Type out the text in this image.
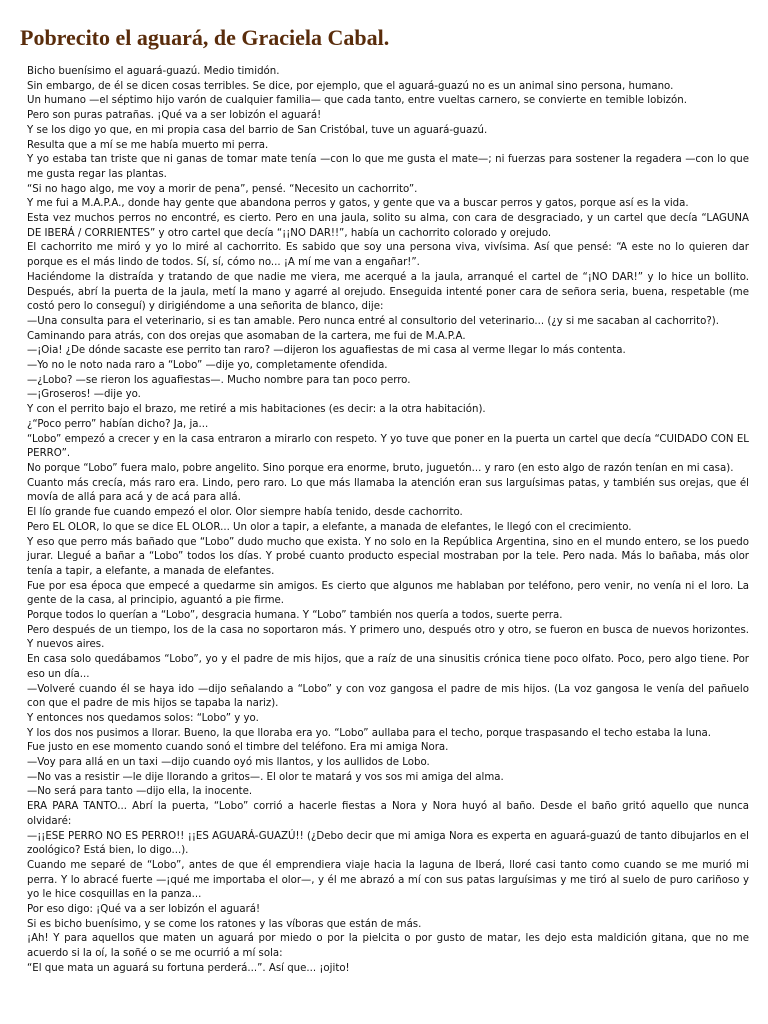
Pobrecito el aguará, de Graciela Cabal.

Bicho buenísimo el aguará-guazú. Medio timidón.

Sin embargo, de él se dicen cosas terribles. Se dice, por ejemplo, que el aguará-guazú no es un animal sino persona, humano.

Un humano —el séptimo hijo varón de cualquier familia— que cada tanto, entre vueltas carnero, se convierte en temible lobizón.

Pero son puras patrañas. ¡Qué va a ser lobizón el aguará!

Y se los digo yo que, en mi propia casa del barrio de San Cristóbal, tuve un aguará-guazú.

Resulta que a mí se me había muerto mi perra.

Y yo estaba tan triste que ni ganas de tomar mate tenía —con lo que me gusta el mate—; ni fuerzas para sostener la regadera —con lo que me gusta regar las plantas.

“Si no hago algo, me voy a morir de pena”, pensé. “Necesito un cachorrito”.

Y me fui a M.A.P.A., donde hay gente que abandona perros y gatos, y gente que va a buscar perros y gatos, porque así es la vida.

Esta vez muchos perros no encontré, es cierto. Pero en una jaula, solito su alma, con cara de desgraciado, y un cartel que decía “LAGUNA DE IBERÁ / CORRIENTES” y otro cartel que decía “¡¡NO DAR!!”, había un cachorrito colorado y orejudo.

El cachorrito me miró y yo lo miré al cachorrito. Es sabido que soy una persona viva, vivísima. Así que pensé: “A este no lo quieren dar porque es el más lindo de todos. Sí, sí, cómo no... ¡A mí me van a engañar!”.

Haciéndome la distraída y tratando de que nadie me viera, me acerqué a la jaula, arranqué el cartel de “¡NO DAR!” y lo hice un bollito. Después, abrí la puerta de la jaula, metí la mano y agarré al orejudo. Enseguida intenté poner cara de señora seria, buena, respetable (me costó pero lo conseguí) y dirigiéndome a una señorita de blanco, dije:

—Una consulta para el veterinario, si es tan amable. Pero nunca entré al consultorio del veterinario... (¿y si me sacaban al cachorrito?).

Caminando para atrás, con dos orejas que asomaban de la cartera, me fui de M.A.P.A.

—¡Oia! ¿De dónde sacaste ese perrito tan raro? —dijeron los aguafiestas de mi casa al verme llegar lo más contenta.

—Yo no le noto nada raro a “Lobo” —dije yo, completamente ofendida.

—¿Lobo? —se rieron los aguafiestas—. Mucho nombre para tan poco perro.

—¡Groseros! —dije yo.

Y con el perrito bajo el brazo, me retiré a mis habitaciones (es decir: a la otra habitación).

¿“Poco perro” habían dicho? Ja, ja...

“Lobo” empezó a crecer y en la casa entraron a mirarlo con respeto. Y yo tuve que poner en la puerta un cartel que decía “CUIDADO CON EL PERRO”.

No porque “Lobo” fuera malo, pobre angelito. Sino porque era enorme, bruto, juguetón... y raro (en esto algo de razón tenían en mi casa).

Cuanto más crecía, más raro era. Lindo, pero raro. Lo que más llamaba la atención eran sus larguísimas patas, y también sus orejas, que él movía de allá para acá y de acá para allá.

El lío grande fue cuando empezó el olor. Olor siempre había tenido, desde cachorrito.

Pero EL OLOR, lo que se dice EL OLOR... Un olor a tapir, a elefante, a manada de elefantes, le llegó con el crecimiento.

Y eso que perro más bañado que “Lobo” dudo mucho que exista. Y no solo en la República Argentina, sino en el mundo entero, se los puedo jurar. Llegué a bañar a “Lobo” todos los días. Y probé cuanto producto especial mostraban por la tele. Pero nada. Más lo bañaba, más olor tenía a tapir, a elefante, a manada de elefantes.

Fue por esa época que empecé a quedarme sin amigos. Es cierto que algunos me hablaban por teléfono, pero venir, no venía ni el loro. La gente de la casa, al principio, aguantó a pie firme.

Porque todos lo querían a “Lobo”, desgracia humana. Y “Lobo” también nos quería a todos, suerte perra.

Pero después de un tiempo, los de la casa no soportaron más. Y primero uno, después otro y otro, se fueron en busca de nuevos horizontes. Y nuevos aires.

En casa solo quedábamos “Lobo”, yo y el padre de mis hijos, que a raíz de una sinusitis crónica tiene poco olfato. Poco, pero algo tiene. Por eso un día...

—Volveré cuando él se haya ido —dijo señalando a “Lobo” y con voz gangosa el padre de mis hijos. (La voz gangosa le venía del pañuelo con que el padre de mis hijos se tapaba la nariz).

Y entonces nos quedamos solos: “Lobo” y yo.

Y los dos nos pusimos a llorar. Bueno, la que lloraba era yo. “Lobo” aullaba para el techo, porque traspasando el techo estaba la luna.

Fue justo en ese momento cuando sonó el timbre del teléfono. Era mi amiga Nora.

—Voy para allá en un taxi —dijo cuando oyó mis llantos, y los aullidos de Lobo.

—No vas a resistir —le dije llorando a gritos—. El olor te matará y vos sos mi amiga del alma.

—No será para tanto —dijo ella, la inocente.

ERA PARA TANTO... Abrí la puerta, “Lobo” corrió a hacerle fiestas a Nora y Nora huyó al baño. Desde el baño gritó aquello que nunca olvidaré:

—¡¡ESE PERRO NO ES PERRO!! ¡¡ES AGUARÁ-GUAZÚ!! (¿Debo decir que mi amiga Nora es experta en aguará-guazú de tanto dibujarlos en el zoológico? Está bien, lo digo...).

Cuando me separé de “Lobo”, antes de que él emprendiera viaje hacia la laguna de Iberá, lloré casi tanto como cuando se me murió mi perra. Y lo abracé fuerte —¡qué me importaba el olor—, y él me abrazó a mí con sus patas larguísimas y me tiró al suelo de puro cariñoso y yo le hice cosquillas en la panza...

Por eso digo: ¡Qué va a ser lobizón el aguará!

Si es bicho buenísimo, y se come los ratones y las víboras que están de más.

¡Ah! Y para aquellos que maten un aguará por miedo o por la pielcita o por gusto de matar, les dejo esta maldición gitana, que no me acuerdo si la oí, la soñé o se me ocurrió a mí sola:

“El que mata un aguará su fortuna perderá...”. Así que... ¡ojito!
